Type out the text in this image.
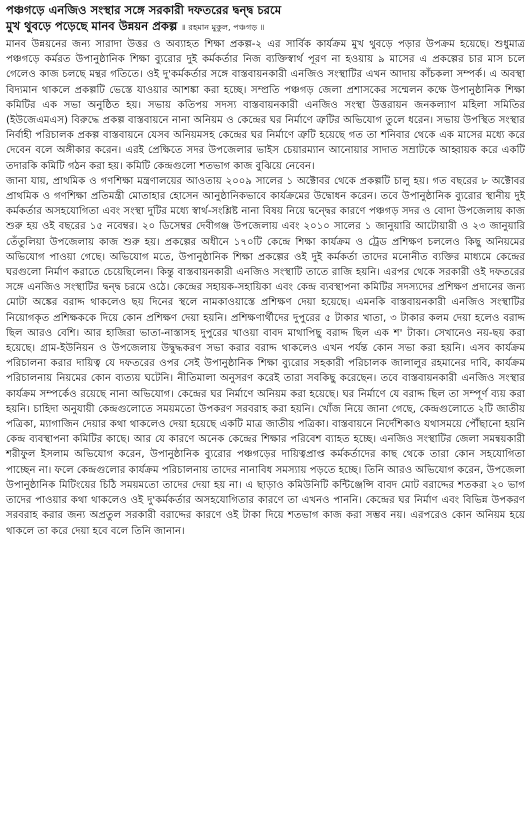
পঞ্চগড়ে এনজিও সংস্থার সঙ্গে সরকারী দফতরের দ্বন্দ্ব চরমে
মুখ থুবড়ে পড়েছে মানব উন্নয়ন প্রকল্প ॥ রহমান মুকুল, পঞ্চগড় ॥

মানব উন্নয়নের জন্য সারাদা উত্তর ও অব্যাহত শিক্ষা প্রকল্প-২ এর সার্বিক কার্যক্রম মুখ থুবড়ে পড়ার উপক্রম হয়েছে। শুধুমাত্র পঞ্চগড়ে কর্মরত উপানুষ্ঠানিক শিক্ষা ব্যুরোর দুই কর্মকর্তার নিজ ব্যক্তিস্বার্থ পূরণ না হওয়ায় ৯ মাসের এ প্রকল্পের চার মাস চলে গেলেও কাজ চলছে মন্থর গতিতে। ওই দু'কর্মকর্তার সঙ্গে বাস্তবায়নকারী এনজিও সংস্থাটির এখন আদায় কাঁচকলা সম্পর্ক। এ অবস্থা বিদ্যমান থাকলে প্রকল্পটি ভেস্তে যাওয়ার আশঙ্কা করা হচ্ছে। সম্প্রতি পঞ্চগড় জেলা প্রশাসকের সম্মেলন কক্ষে উপানুষ্ঠানিক শিক্ষা কমিটির এক সভা অনুষ্ঠিত হয়। সভায় কতিপয় সদস্য বাস্তবায়নকারী এনজিও সংস্থা উত্তরায়ন জনকল্যাণ মহিলা সমিতির (ইউজেএমএস) বিরুদ্ধে প্রকল্প বাস্তবায়নে নানা অনিয়ম ও কেন্দ্রের ঘর নির্মাণে ত্রুটির অভিযোগ তুলে ধরেন। সভায় উপস্থিত সংস্থার নির্বাহী পরিচালক প্রকল্প বাস্তবায়নে যেসব অনিয়মসহ কেন্দ্রের ঘর নির্মাণে ত্রুটি হয়েছে গত তা শনিবার থেকে এক মাসের মধ্যে করে দেবেন বলে অঙ্গীকার করেন। এরই প্রেক্ষিতে সদর উপজেলার ভাইস চেয়ারম্যান আনোয়ার সাদাত সম্রাটকে আহ্বায়ক করে একটি তদারকি কমিটি গঠন করা হয়। কমিটি কেন্দ্রগুলো শতভাগ কাজ বুঝিয়ে নেবেন।

জানা যায়, প্রাথমিক ও গণশিক্ষা মন্ত্রণালয়ের আওতায় ২০০৯ সালের ১ অক্টোবর থেকে প্রকল্পটি চালু হয়। গত বছরের ৮ অক্টোবর প্রাথমিক ও গণশিক্ষা প্রতিমন্ত্রী মোতাহার হোসেন আনুষ্ঠানিকভাবে কার্যক্রমের উদ্বোধন করেন। তবে উপানুষ্ঠানিক ব্যুরোর স্থানীয় দুই কর্মকর্তার অসহযোগিতা এবং সংস্থা দুটির মধ্যে স্বার্থ-সংশ্লিষ্ট নানা বিষয় নিয়ে দ্বন্দ্বের কারণে পঞ্চগড় সদর ও বোদা উপজেলায় কাজ শুরু হয় ওই বছরের ১৫ নবেম্বর। ২০ ডিসেম্বর দেবীগঞ্জ উপজেলায় এবং ২০১০ সালের ১ জানুয়ারি আটোয়ারী ও ২৩ জানুয়ারি তেঁতুলিয়া উপজেলায় কাজ শুরু হয়। প্রকল্পের অধীনে ১৭০টি কেন্দ্রে শিক্ষা কার্যক্রম ও ট্রেড প্রশিক্ষণ চললেও কিছু অনিয়মের অভিযোগ পাওয়া গেছে। অভিযোগ মতে, উপানুষ্ঠানিক শিক্ষা প্রকল্পের ওই দুই কর্মকর্তা তাদের মনোনীত ব্যক্তির মাধ্যমে কেন্দ্রের ঘরগুলো নির্মাণ করাতে চেয়েছিলেন। কিন্তু বাস্তবায়নকারী এনজিও সংস্থাটি তাতে রাজি হয়নি। এরপর থেকে সরকারী ওই দফতরের সঙ্গে এনজিও সংস্থাটির দ্বন্দ্ব চরমে ওঠে। কেন্দ্রের সহায়ক-সহায়িকা এবং কেন্দ্র ব্যবস্থাপনা কমিটির সদস্যদের প্রশিক্ষণ প্রদানের জন্য মোটা অঙ্কের বরাদ্দ থাকলেও ছয় দিনের স্থলে নামকাওয়াস্তে প্রশিক্ষণ দেয়া হয়েছে। এমনকি বাস্তবায়নকারী এনজিও সংস্থাটির নিয়োগকৃত প্রশিক্ষককে দিয়ে কোন প্রশিক্ষণ দেয়া হয়নি। প্রশিক্ষণার্থীদের দুপুরের ৫ টাকার খাতা, ৩ টাকার কলম দেয়া হলেও বরাদ্দ ছিল আরও বেশি। আর হাজিরা ভাতা-নাস্তাসহ দুপুরের খাওয়া বাবদ মাথাপিছু বরাদ্দ ছিল এক শ' টাকা। সেখানেও নয়-ছয় করা হয়েছে। গ্রাম-ইউনিয়ন ও উপজেলায় উদ্বুদ্ধকরণ সভা করার বরাদ্দ থাকলেও এখন পর্যন্ত কোন সভা করা হয়নি। এসব কার্যক্রম পরিচালনা করার দায়িত্ব যে দফতরের ওপর সেই উপানুষ্ঠানিক শিক্ষা ব্যুরোর সহকারী পরিচালক জালালুর রহমানের দাবি, কার্যক্রম পরিচালনায় নিয়মের কোন ব্যত্যয় ঘটেনি। নীতিমালা অনুসরণ করেই তারা সবকিছু করেছেন। তবে বাস্তবায়নকারী এনজিও সংস্থার কার্যক্রম সম্পর্কেও রয়েছে নানা অভিযোগ। কেন্দ্রের ঘর নির্মাণে অনিয়ম করা হয়েছে। ঘর নির্মাণে যে বরাদ্দ ছিল তা সম্পূর্ণ ব্যয় করা হয়নি। চাহিদা অনুযায়ী কেন্দ্রগুলোতে সময়মতো উপকরণ সরবরাহ করা হয়নি। খোঁজ নিয়ে জানা গেছে, কেন্দ্রগুলোতে ২টি জাতীয় পত্রিকা, ম্যাগাজিন দেয়ার কথা থাকলেও দেয়া হয়েছে একটি মাত্র জাতীয় পত্রিকা। বাস্তবায়নে নির্দেশিকাও যথাসময়ে পৌঁছানো হয়নি কেন্দ্র ব্যবস্থাপনা কমিটির কাছে। আর যে কারণে অনেক কেন্দ্রের শিক্ষার পরিবেশ ব্যাহত হচ্ছে। এনজিও সংস্থাটির জেলা সমন্বয়কারী শরীফুল ইসলাম অভিযোগ করেন, উপানুষ্ঠানিক ব্যুরোর পঞ্চগড়ের দায়িত্বপ্রাপ্ত কর্মকর্তাদের কাছ থেকে তারা কোন সহযোগিতা পাচ্ছেন না। ফলে কেন্দ্রগুলোর কার্যক্রম পরিচালনায় তাদের নানাবিধ সমস্যায় পড়তে হচ্ছে। তিনি আরও অভিযোগ করেন, উপজেলা উপানুষ্ঠানিক মিটিংয়ের চিঠি সময়মতো তাদের দেয়া হয় না। এ ছাড়াও কমিউনিটি কন্টিঞ্জেন্সি বাবদ মোট বরাদ্দের শতকরা ২০ ভাগ তাদের পাওয়ার কথা থাকলেও ওই দু'কর্মকর্তার অসহযোগিতার কারণে তা এখনও পাননি। কেন্দ্রের ঘর নির্মাণ এবং বিভিন্ন উপকরণ সরবরাহ করার জন্য অপ্রতুল সরকারী বরাদ্দের কারণে ওই টাকা দিয়ে শতভাগ কাজ করা সম্ভব নয়। এরপরেও কোন অনিয়ম হয়ে থাকলে তা করে দেয়া হবে বলে তিনি জানান।
